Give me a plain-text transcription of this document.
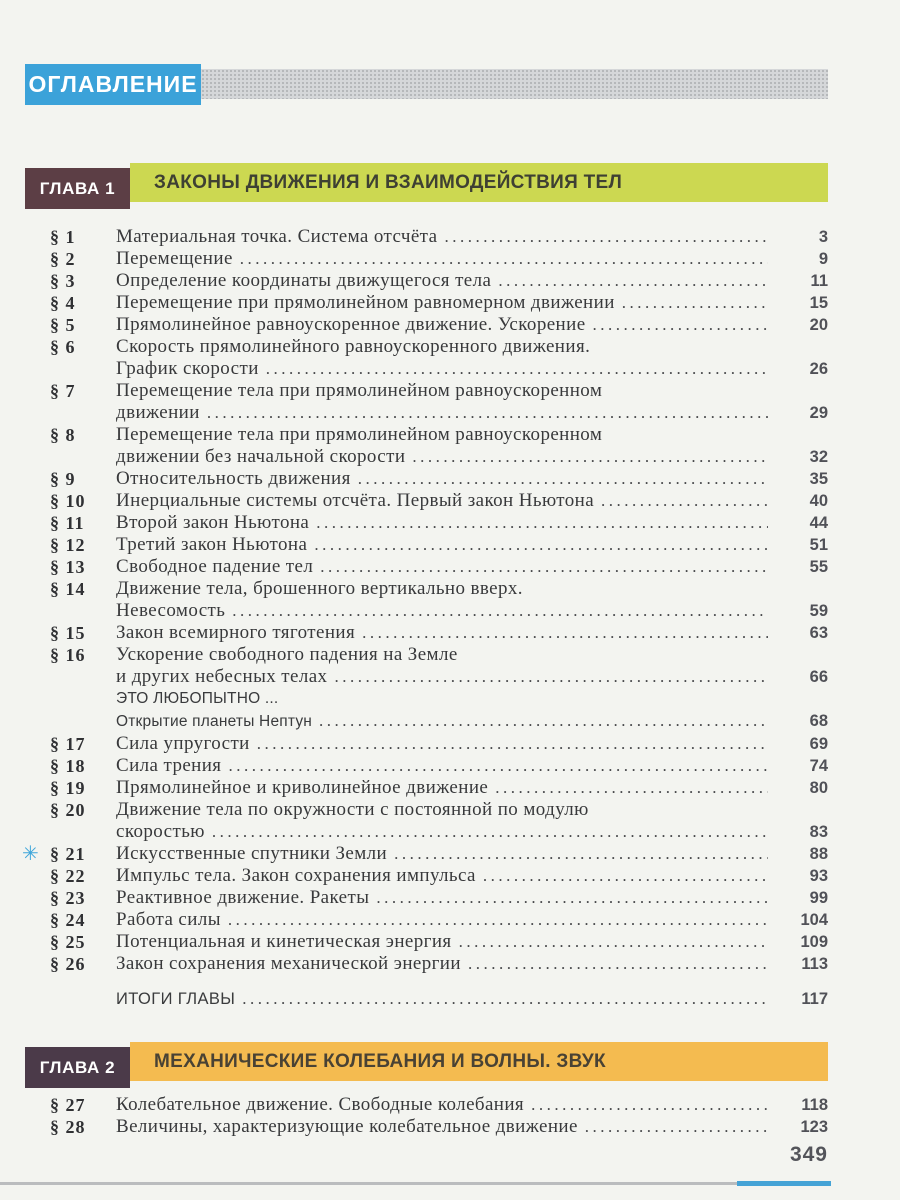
ОГЛАВЛЕНИЕ
ЗАКОНЫ ДВИЖЕНИЯ И ВЗАИМОДЕЙСТВИЯ ТЕЛ
ГЛАВА 1
§ 1	Материальная точка. Система отсчёта .....	3
§ 2	Перемещение .....	9
§ 3	Определение координаты движущегося тела .....	11
§ 4	Перемещение при прямолинейном равномерном движении .....	15
§ 5	Прямолинейное равноускоренное движение. Ускорение .....	20
§ 6	Скорость прямолинейного равноускоренного движения.
График скорости .....	26
§ 7	Перемещение тела при прямолинейном равноускоренном
движении .....	29
§ 8	Перемещение тела при прямолинейном равноускоренном
движении без начальной скорости .....	32
§ 9	Относительность движения .....	35
§ 10	Инерциальные системы отсчёта. Первый закон Ньютона .....	40
§ 11	Второй закон Ньютона .....	44
§ 12	Третий закон Ньютона .....	51
§ 13	Свободное падение тел .....	55
§ 14	Движение тела, брошенного вертикально вверх.
Невесомость .....	59
§ 15	Закон всемирного тяготения .....	63
§ 16	Ускорение свободного падения на Земле
и других небесных телах .....	66
ЭТО ЛЮБОПЫТНО ...
Открытие планеты Нептун .....	68
§ 17	Сила упругости .....	69
§ 18	Сила трения .....	74
§ 19	Прямолинейное и криволинейное движение .....	80
§ 20	Движение тела по окружности с постоянной по модулю
скоростью .....	83
§ 21	Искусственные спутники Земли .....	88
✳
§ 22	Импульс тела. Закон сохранения импульса .....	93
§ 23	Реактивное движение. Ракеты .....	99
§ 24	Работа силы .....	104
§ 25	Потенциальная и кинетическая энергия .....	109
§ 26	Закон сохранения механической энергии .....	113
ИТОГИ ГЛАВЫ .....	117
МЕХАНИЧЕСКИЕ КОЛЕБАНИЯ И ВОЛНЫ. ЗВУК
ГЛАВА 2
§ 27	Колебательное движение. Свободные колебания .....	118
§ 28	Величины, характеризующие колебательное движение .....	123
349
